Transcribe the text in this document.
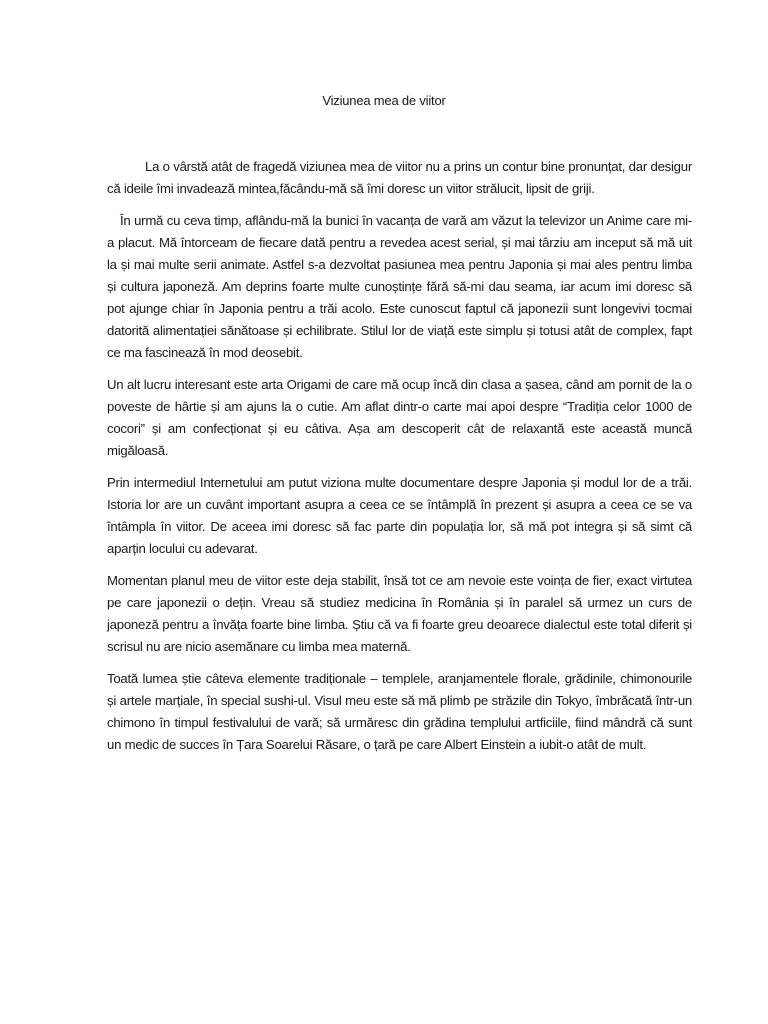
Viziunea mea de viitor

La o vârstă atât de fragedă viziunea mea de viitor nu a prins un contur bine pronunțat, dar desigur că ideile îmi invadează mintea,făcându-mă să îmi doresc un viitor strălucit, lipsit de griji.

În urmă cu ceva timp, aflându-mă la bunici în vacanța de vară am văzut la televizor un Anime care mi-a placut. Mă întorceam de fiecare dată pentru a revedea acest serial, și mai târziu am inceput să mă uit la și mai multe serii animate. Astfel s-a dezvoltat pasiunea mea pentru Japonia și mai ales pentru limba și cultura japoneză. Am deprins foarte multe cunoștințe fără să-mi dau seama, iar acum imi doresc să pot ajunge chiar în Japonia pentru a trăi acolo. Este cunoscut faptul că japonezii sunt longevivi tocmai datorită alimentației sănătoase și echilibrate. Stilul lor de viață este simplu și totusi atât de complex, fapt ce ma fascinează în mod deosebit.

Un alt lucru interesant este arta Origami de care mă ocup încă din clasa a șasea, când am pornit de la o poveste de hârtie și am ajuns la o cutie. Am aflat dintr-o carte mai apoi despre “Tradiția celor 1000 de cocori” și am confecționat și eu câtiva. Așa am descoperit cât de relaxantă este această muncă migăloasă.

Prin intermediul Internetului am putut viziona multe documentare despre Japonia și modul lor de a trăi. Istoria lor are un cuvânt important asupra a ceea ce se întâmplă în prezent și asupra a ceea ce se va întâmpla în viitor. De aceea imi doresc să fac parte din populația lor, să mă pot integra și să simt că aparțin locului cu adevarat.

Momentan planul meu de viitor este deja stabilit, însă tot ce am nevoie este voința de fier, exact virtutea pe care japonezii o dețin. Vreau să studiez medicina în România și în paralel să urmez un curs de japoneză pentru a învăța foarte bine limba. Știu că va fi foarte greu deoarece dialectul este total diferit și scrisul nu are nicio asemănare cu limba mea maternă.

Toată lumea știe câteva elemente tradiționale – templele, aranjamentele florale, grădinile, chimonourile și artele marțiale, în special sushi-ul. Visul meu este să mă plimb pe străzile din Tokyo, îmbrăcată într-un chimono în timpul festivalului de vară; să urmăresc din grădina templului artficiile, fiind mândră că sunt un medic de succes în Țara Soarelui Răsare, o țară pe care Albert Einstein a iubit-o atât de mult.
